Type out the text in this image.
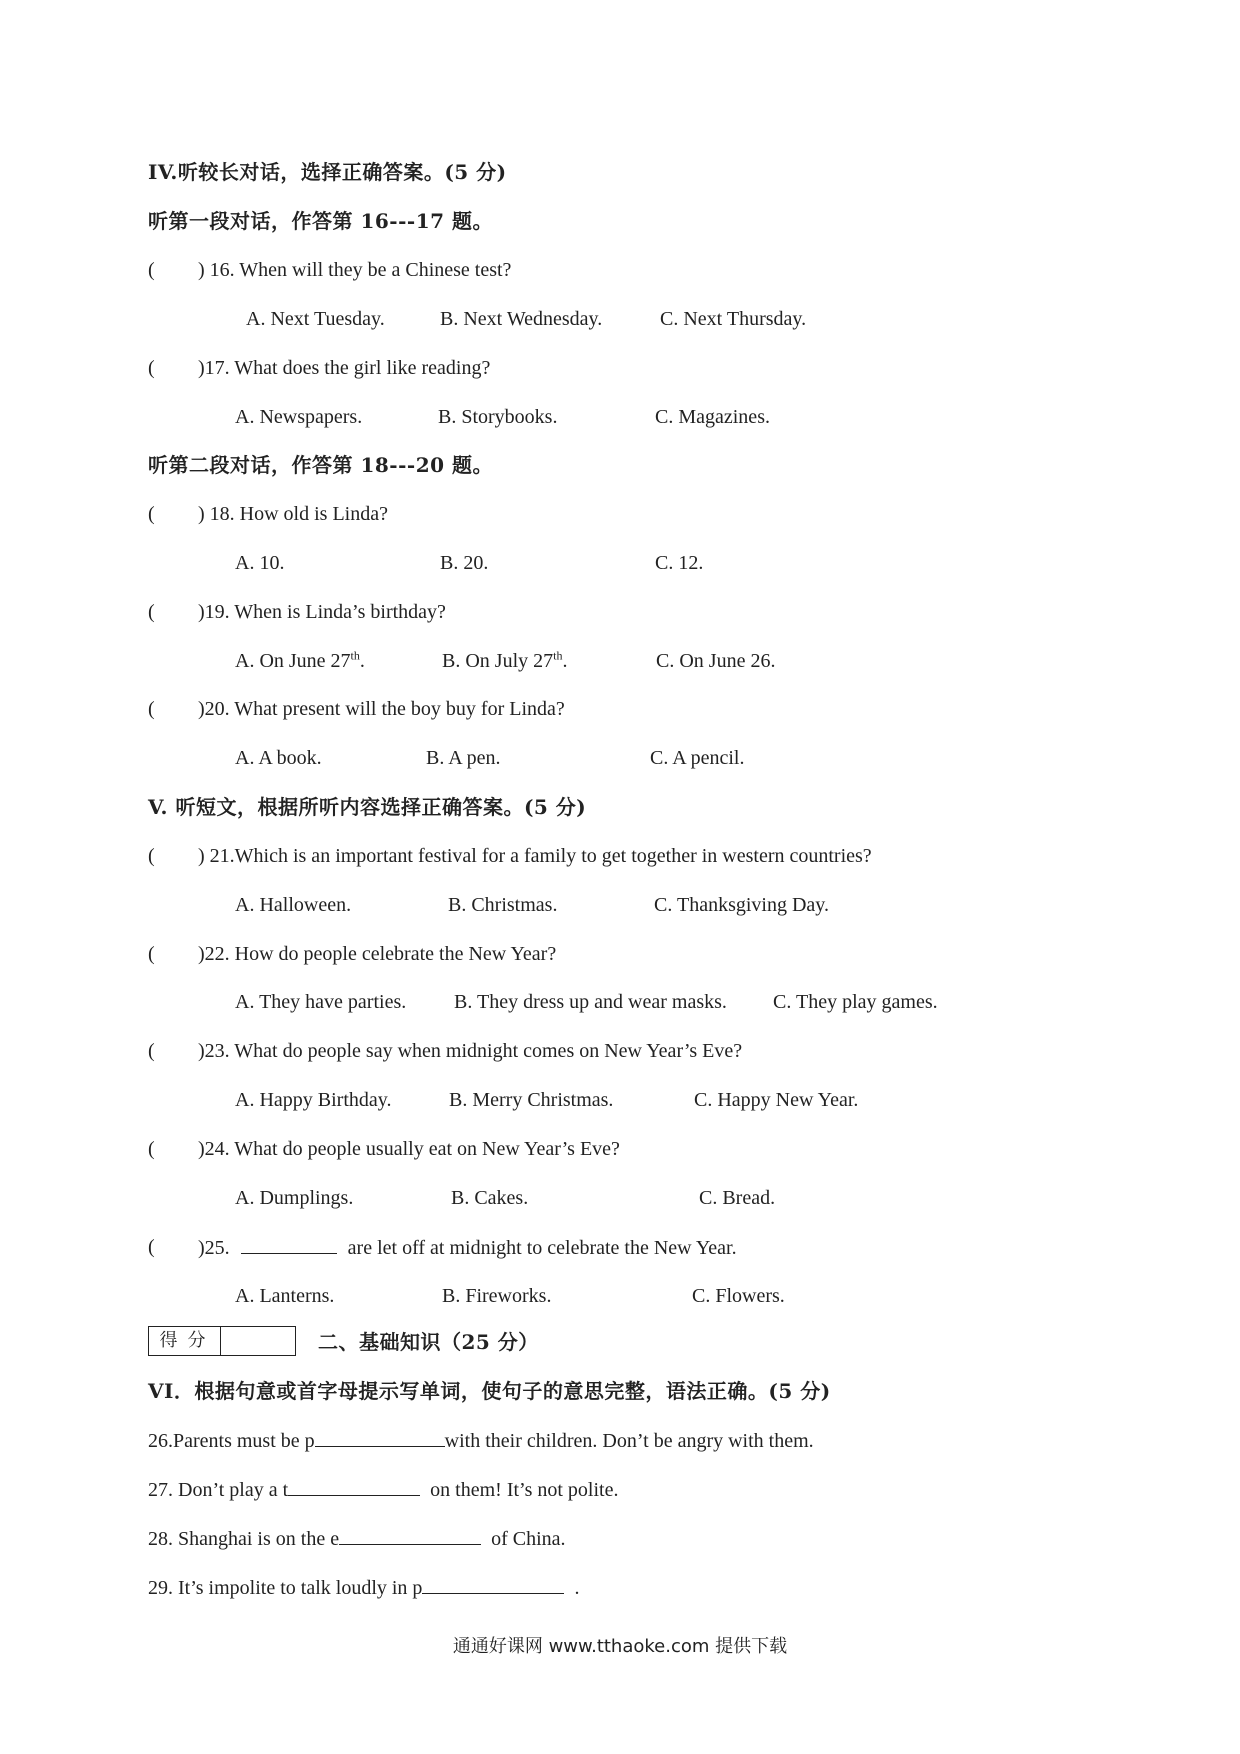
IV.听较长对话，选择正确答案。(5 分)
听第一段对话，作答第 16---17 题。
( ) 16. When will they be a Chinese test?
A. Next Tuesday.	B. Next Wednesday.	C. Next Thursday.
( )17. What does the girl like reading?
A. Newspapers.	B. Storybooks.	C. Magazines.
听第二段对话，作答第 18---20 题。
( ) 18. How old is Linda?
A. 10.	B. 20.	C. 12.
( )19. When is Linda’s birthday?
A. On June 27th.	B. On July 27th.	C. On June 26.
( )20. What present will the boy buy for Linda?
A. A book.	B. A pen.	C. A pencil.
V. 听短文，根据所听内容选择正确答案。(5 分)
( ) 21.Which is an important festival for a family to get together in western countries?
A. Halloween.	B. Christmas.	C. Thanksgiving Day.
( )22. How do people celebrate the New Year?
A. They have parties. B. They dress up and wear masks. C. They play games.
( )23. What do people say when midnight comes on New Year’s Eve?
A. Happy Birthday.	B. Merry Christmas.	C. Happy New Year.
( )24. What do people usually eat on New Year’s Eve?
A. Dumplings.	B. Cakes.	C. Bread.
( )25.	are let off at midnight to celebrate the New Year.
A. Lanterns.	B. Fireworks.	C. Flowers.
得分	二、基础知识（25 分）
VI．根据句意或首字母提示写单词，使句子的意思完整，语法正确。(5 分)
26.Parents must be p	with their children. Don’t be angry with them.
27. Don’t play a t	on them! It’s not polite.
28. Shanghai is on the e	of China.
29. It’s impolite to talk loudly in p	.
通通好课网 www.tthaoke.com 提供下载
